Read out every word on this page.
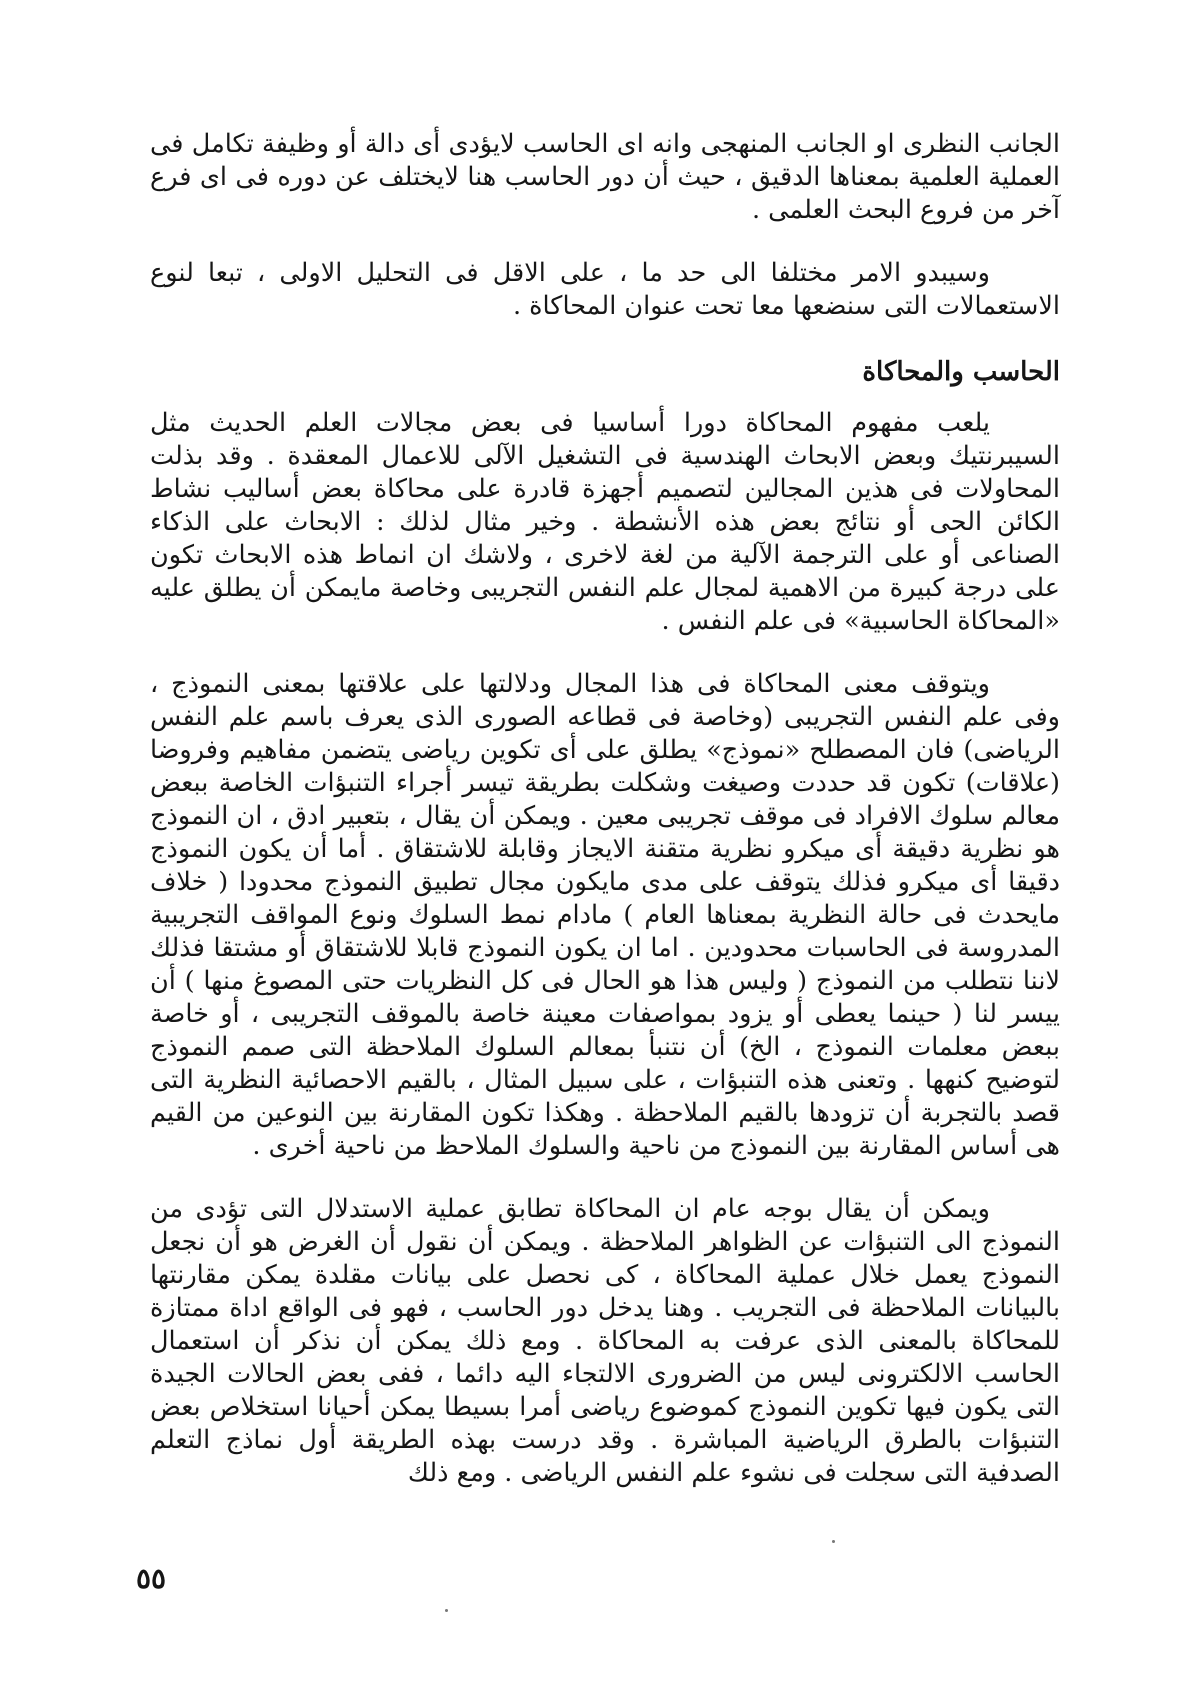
الجانب النظرى او الجانب المنهجى وانه اى الحاسب لايؤدى أى دالة أو وظيفة تكامل فى العملية العلمية بمعناها الدقيق ، حيث أن دور الحاسب هنا لايختلف عن دوره فى اى فرع آخر من فروع البحث العلمى .

وسيبدو الامر مختلفا الى حد ما ، على الاقل فى التحليل الاولى ، تبعا لنوع الاستعمالات التى سنضعها معا تحت عنوان المحاكاة .

الحاسب والمحاكاة

يلعب مفهوم المحاكاة دورا أساسيا فى بعض مجالات العلم الحديث مثل السيبرنتيك وبعض الابحاث الهندسية فى التشغيل الآلى للاعمال المعقدة . وقد بذلت المحاولات فى هذين المجالين لتصميم أجهزة قادرة على محاكاة بعض أساليب نشاط الكائن الحى أو نتائج بعض هذه الأنشطة . وخير مثال لذلك : الابحاث على الذكاء الصناعى أو على الترجمة الآلية من لغة لاخرى ، ولاشك ان انماط هذه الابحاث تكون على درجة كبيرة من الاهمية لمجال علم النفس التجريبى وخاصة مايمكن أن يطلق عليه «المحاكاة الحاسبية» فى علم النفس .

ويتوقف معنى المحاكاة فى هذا المجال ودلالتها على علاقتها بمعنى النموذج ، وفى علم النفس التجريبى (وخاصة فى قطاعه الصورى الذى يعرف باسم علم النفس الرياضى) فان المصطلح «نموذج» يطلق على أى تكوين رياضى يتضمن مفاهيم وفروضا (علاقات) تكون قد حددت وصيغت وشكلت بطريقة تيسر أجراء التنبؤات الخاصة ببعض معالم سلوك الافراد فى موقف تجريبى معين . ويمكن أن يقال ، بتعبير ادق ، ان النموذج هو نظرية دقيقة أى ميكرو نظرية متقنة الايجاز وقابلة للاشتقاق . أما أن يكون النموذج دقيقا أى ميكرو فذلك يتوقف على مدى مايكون مجال تطبيق النموذج محدودا ( خلاف مايحدث فى حالة النظرية بمعناها العام ) مادام نمط السلوك ونوع المواقف التجريبية المدروسة فى الحاسبات محدودين . اما ان يكون النموذج قابلا للاشتقاق أو مشتقا فذلك لاننا نتطلب من النموذج ( وليس هذا هو الحال فى كل النظريات حتى المصوغ منها ) أن ييسر لنا ( حينما يعطى أو يزود بمواصفات معينة خاصة بالموقف التجريبى ، أو خاصة ببعض معلمات النموذج ، الخ) أن نتنبأ بمعالم السلوك الملاحظة التى صمم النموذج لتوضيح كنهها . وتعنى هذه التنبؤات ، على سبيل المثال ، بالقيم الاحصائية النظرية التى قصد بالتجربة أن تزودها بالقيم الملاحظة . وهكذا تكون المقارنة بين النوعين من القيم هى أساس المقارنة بين النموذج من ناحية والسلوك الملاحظ من ناحية أخرى .

ويمكن أن يقال بوجه عام ان المحاكاة تطابق عملية الاستدلال التى تؤدى من النموذج الى التنبؤات عن الظواهر الملاحظة . ويمكن أن نقول أن الغرض هو أن نجعل النموذج يعمل خلال عملية المحاكاة ، كى نحصل على بيانات مقلدة يمكن مقارنتها بالبيانات الملاحظة فى التجريب . وهنا يدخل دور الحاسب ، فهو فى الواقع اداة ممتازة للمحاكاة بالمعنى الذى عرفت به المحاكاة . ومع ذلك يمكن أن نذكر أن استعمال الحاسب الالكترونى ليس من الضرورى الالتجاء اليه دائما ، ففى بعض الحالات الجيدة التى يكون فيها تكوين النموذج كموضوع رياضى أمرا بسيطا يمكن أحيانا استخلاص بعض التنبؤات بالطرق الرياضية المباشرة . وقد درست بهذه الطريقة أول نماذج التعلم الصدفية التى سجلت فى نشوء علم النفس الرياضى . ومع ذلك

٥٥
